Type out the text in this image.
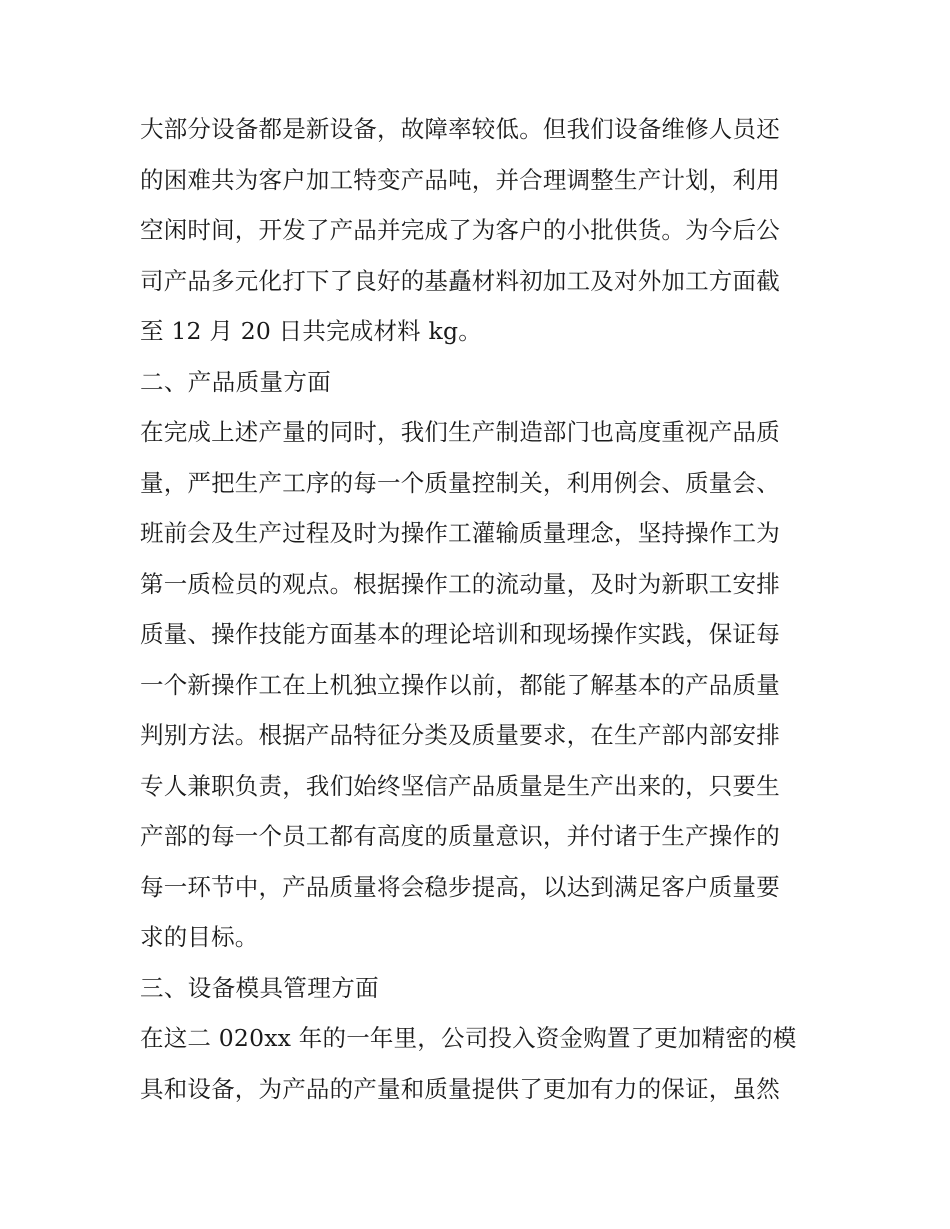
大部分设备都是新设备，故障率较低。但我们设备维修人员还
的困难共为客户加工特变产品吨，并合理调整生产计划，利用
空闲时间，开发了产品并完成了为客户的小批供货。为今后公
司产品多元化打下了良好的基矗材料初加工及对外加工方面截
至 12 月 20 日共完成材料 kg。
二、产品质量方面
在完成上述产量的同时，我们生产制造部门也高度重视产品质
量，严把生产工序的每一个质量控制关，利用例会、质量会、
班前会及生产过程及时为操作工灌输质量理念，坚持操作工为
第一质检员的观点。根据操作工的流动量，及时为新职工安排
质量、操作技能方面基本的理论培训和现场操作实践，保证每
一个新操作工在上机独立操作以前，都能了解基本的产品质量
判别方法。根据产品特征分类及质量要求，在生产部内部安排
专人兼职负责，我们始终坚信产品质量是生产出来的，只要生
产部的每一个员工都有高度的质量意识，并付诸于生产操作的
每一环节中，产品质量将会稳步提高，以达到满足客户质量要
求的目标。
三、设备模具管理方面
在这二 020xx 年的一年里，公司投入资金购置了更加精密的模
具和设备，为产品的产量和质量提供了更加有力的保证，虽然
